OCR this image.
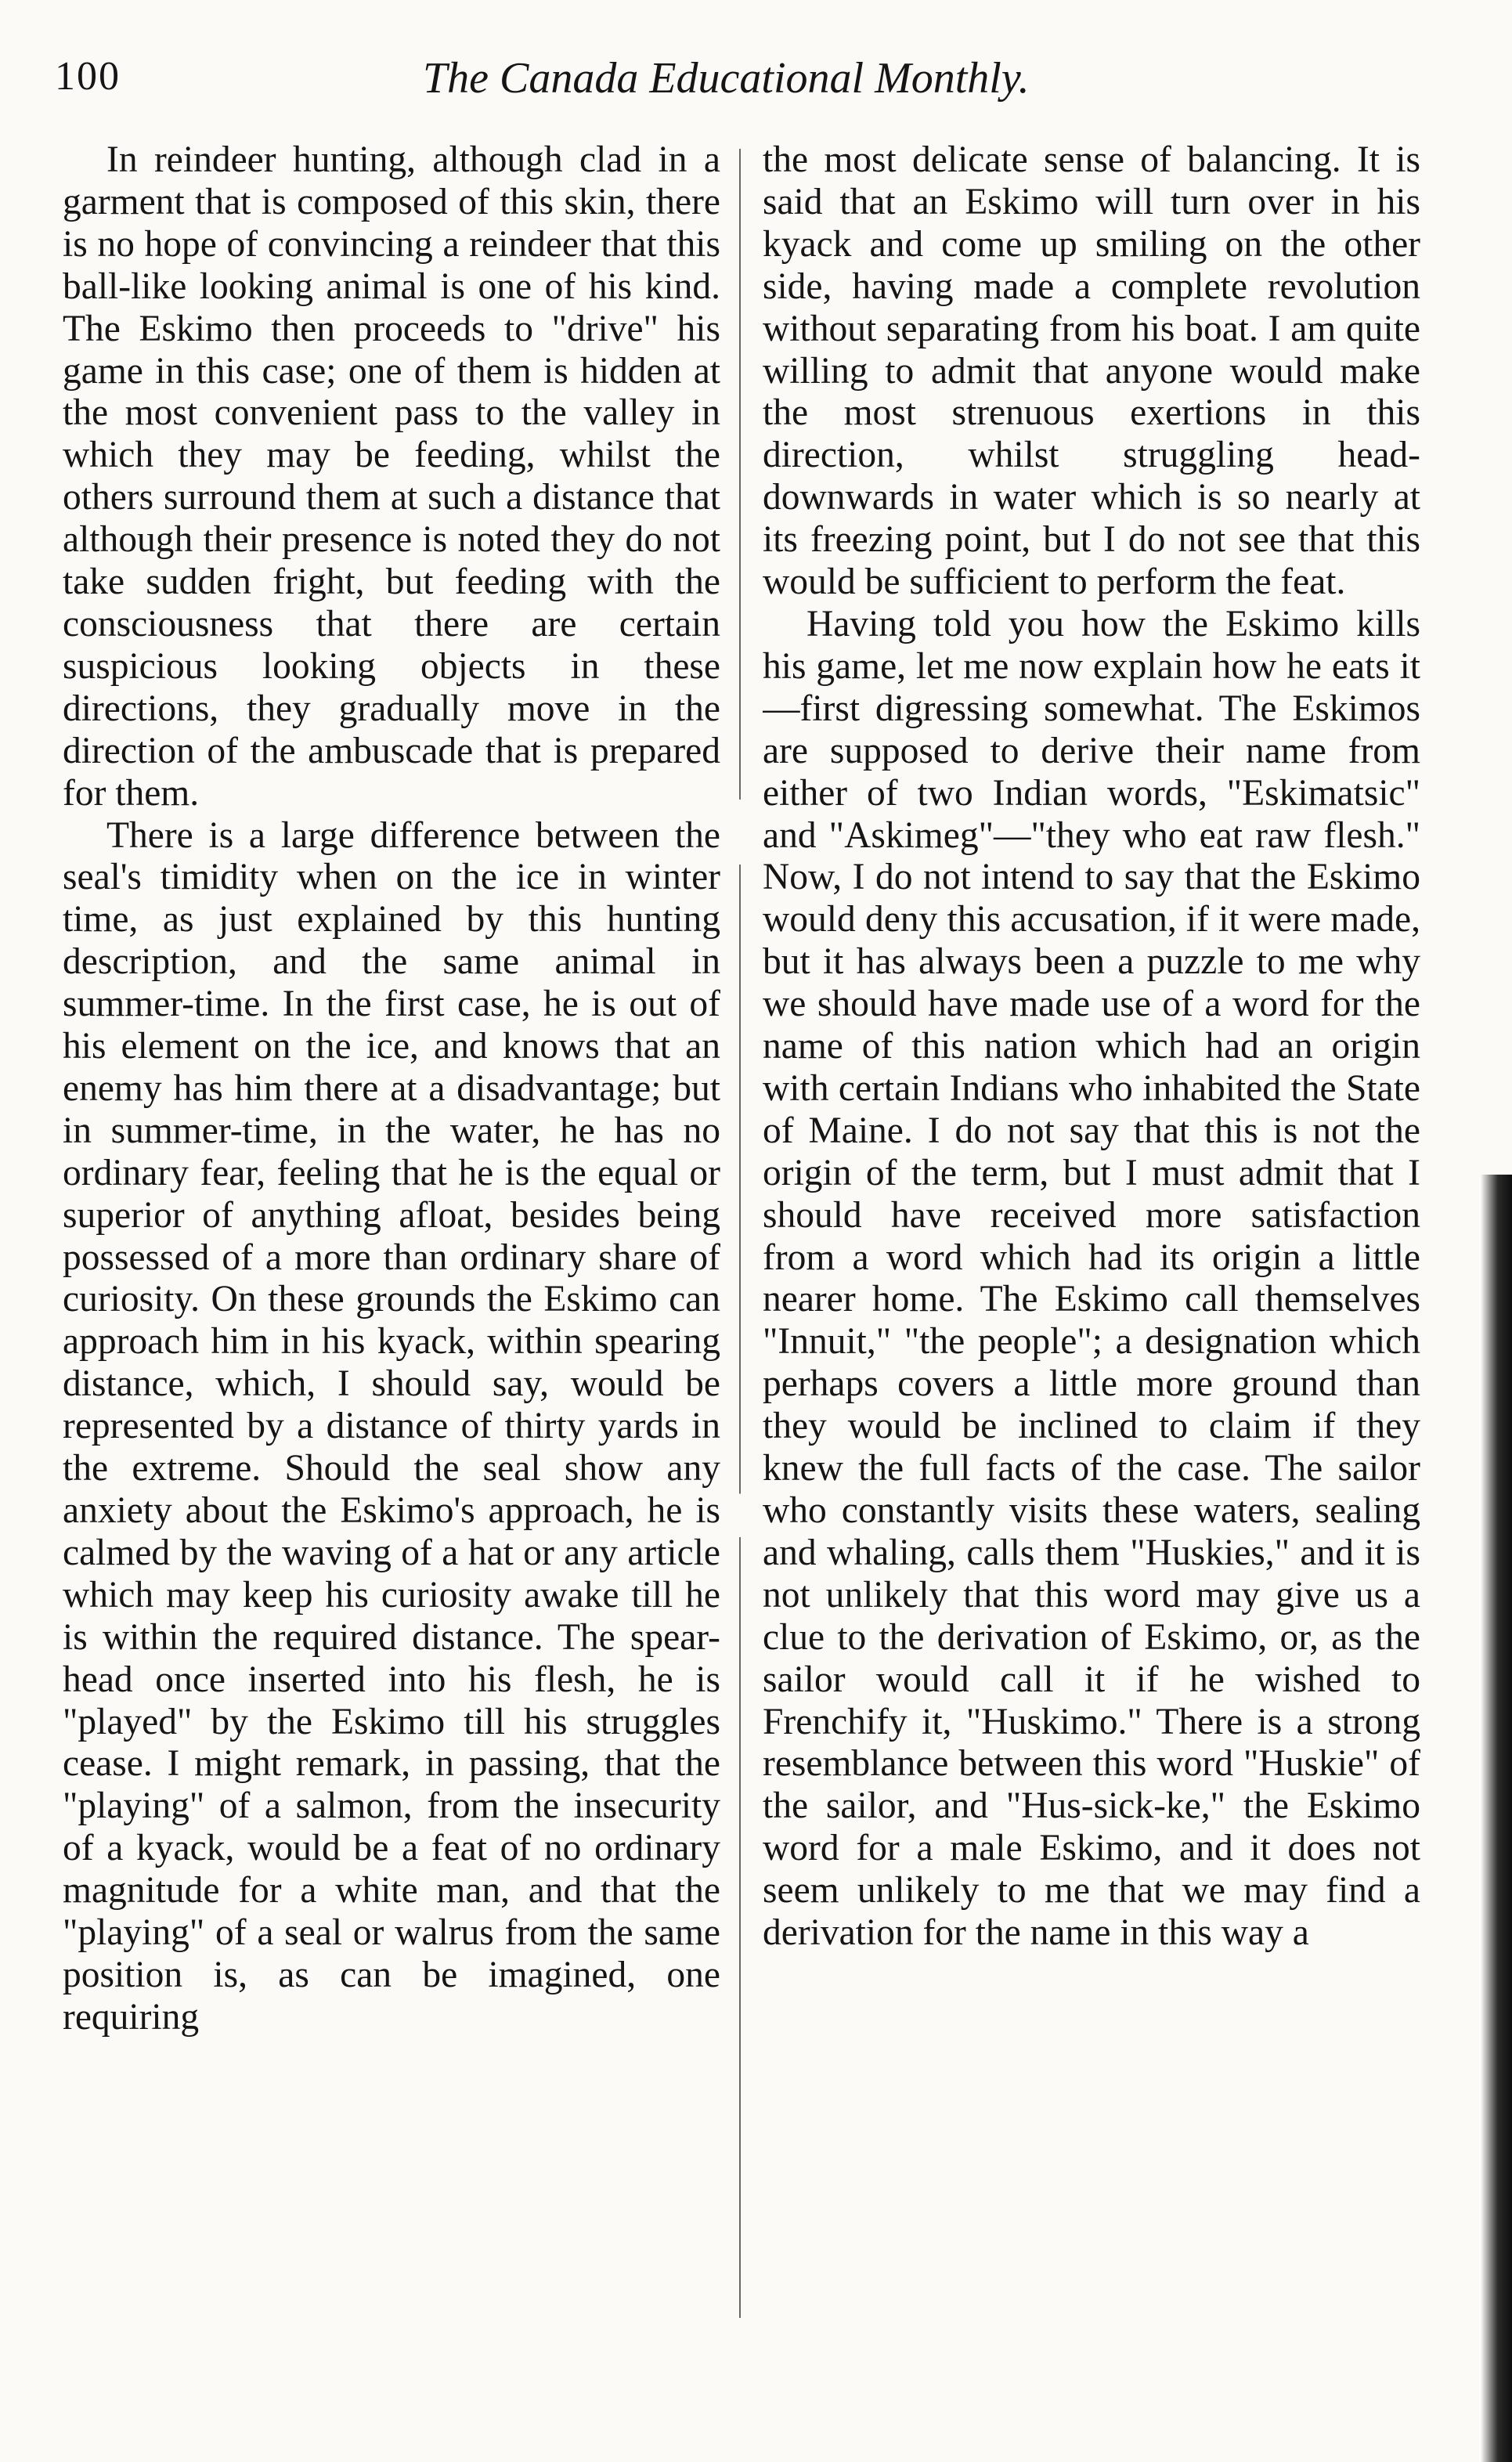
100	The Canada Educational Monthly.

In reindeer hunting, although clad in a garment that is composed of this skin, there is no hope of convincing a reindeer that this ball-like looking animal is one of his kind. The Eskimo then proceeds to "drive" his game in this case; one of them is hidden at the most convenient pass to the valley in which they may be feeding, whilst the others surround them at such a distance that although their presence is noted they do not take sudden fright, but feeding with the consciousness that there are certain suspicious looking objects in these directions, they gradually move in the direction of the ambuscade that is prepared for them.

There is a large difference between the seal's timidity when on the ice in winter time, as just explained by this hunting description, and the same animal in summer-time. In the first case, he is out of his element on the ice, and knows that an enemy has him there at a disadvantage; but in summer-time, in the water, he has no ordinary fear, feeling that he is the equal or superior of anything afloat, besides being possessed of a more than ordinary share of curiosity. On these grounds the Eskimo can approach him in his kyack, within spearing distance, which, I should say, would be represented by a distance of thirty yards in the extreme. Should the seal show any anxiety about the Eskimo's approach, he is calmed by the waving of a hat or any article which may keep his curiosity awake till he is within the required distance. The spear-head once inserted into his flesh, he is "played" by the Eskimo till his struggles cease. I might remark, in passing, that the "playing" of a salmon, from the insecurity of a kyack, would be a feat of no ordinary magnitude for a white man, and that the "playing" of a seal or walrus from the same position is, as can be imagined, one requiring

the most delicate sense of balancing. It is said that an Eskimo will turn over in his kyack and come up smiling on the other side, having made a complete revolution without separating from his boat. I am quite willing to admit that anyone would make the most strenuous exertions in this direction, whilst struggling head-downwards in water which is so nearly at its freezing point, but I do not see that this would be sufficient to perform the feat.

Having told you how the Eskimo kills his game, let me now explain how he eats it—first digressing somewhat. The Eskimos are supposed to derive their name from either of two Indian words, "Eskimatsic" and "Askimeg"—"they who eat raw flesh." Now, I do not intend to say that the Eskimo would deny this accusation, if it were made, but it has always been a puzzle to me why we should have made use of a word for the name of this nation which had an origin with certain Indians who inhabited the State of Maine. I do not say that this is not the origin of the term, but I must admit that I should have received more satisfaction from a word which had its origin a little nearer home. The Eskimo call themselves "Innuit," "the people"; a designation which perhaps covers a little more ground than they would be inclined to claim if they knew the full facts of the case. The sailor who constantly visits these waters, sealing and whaling, calls them "Huskies," and it is not unlikely that this word may give us a clue to the derivation of Eskimo, or, as the sailor would call it if he wished to Frenchify it, "Huskimo." There is a strong resemblance between this word "Huskie" of the sailor, and "Hus-sick-ke," the Eskimo word for a male Eskimo, and it does not seem unlikely to me that we may find a derivation for the name in this way a
